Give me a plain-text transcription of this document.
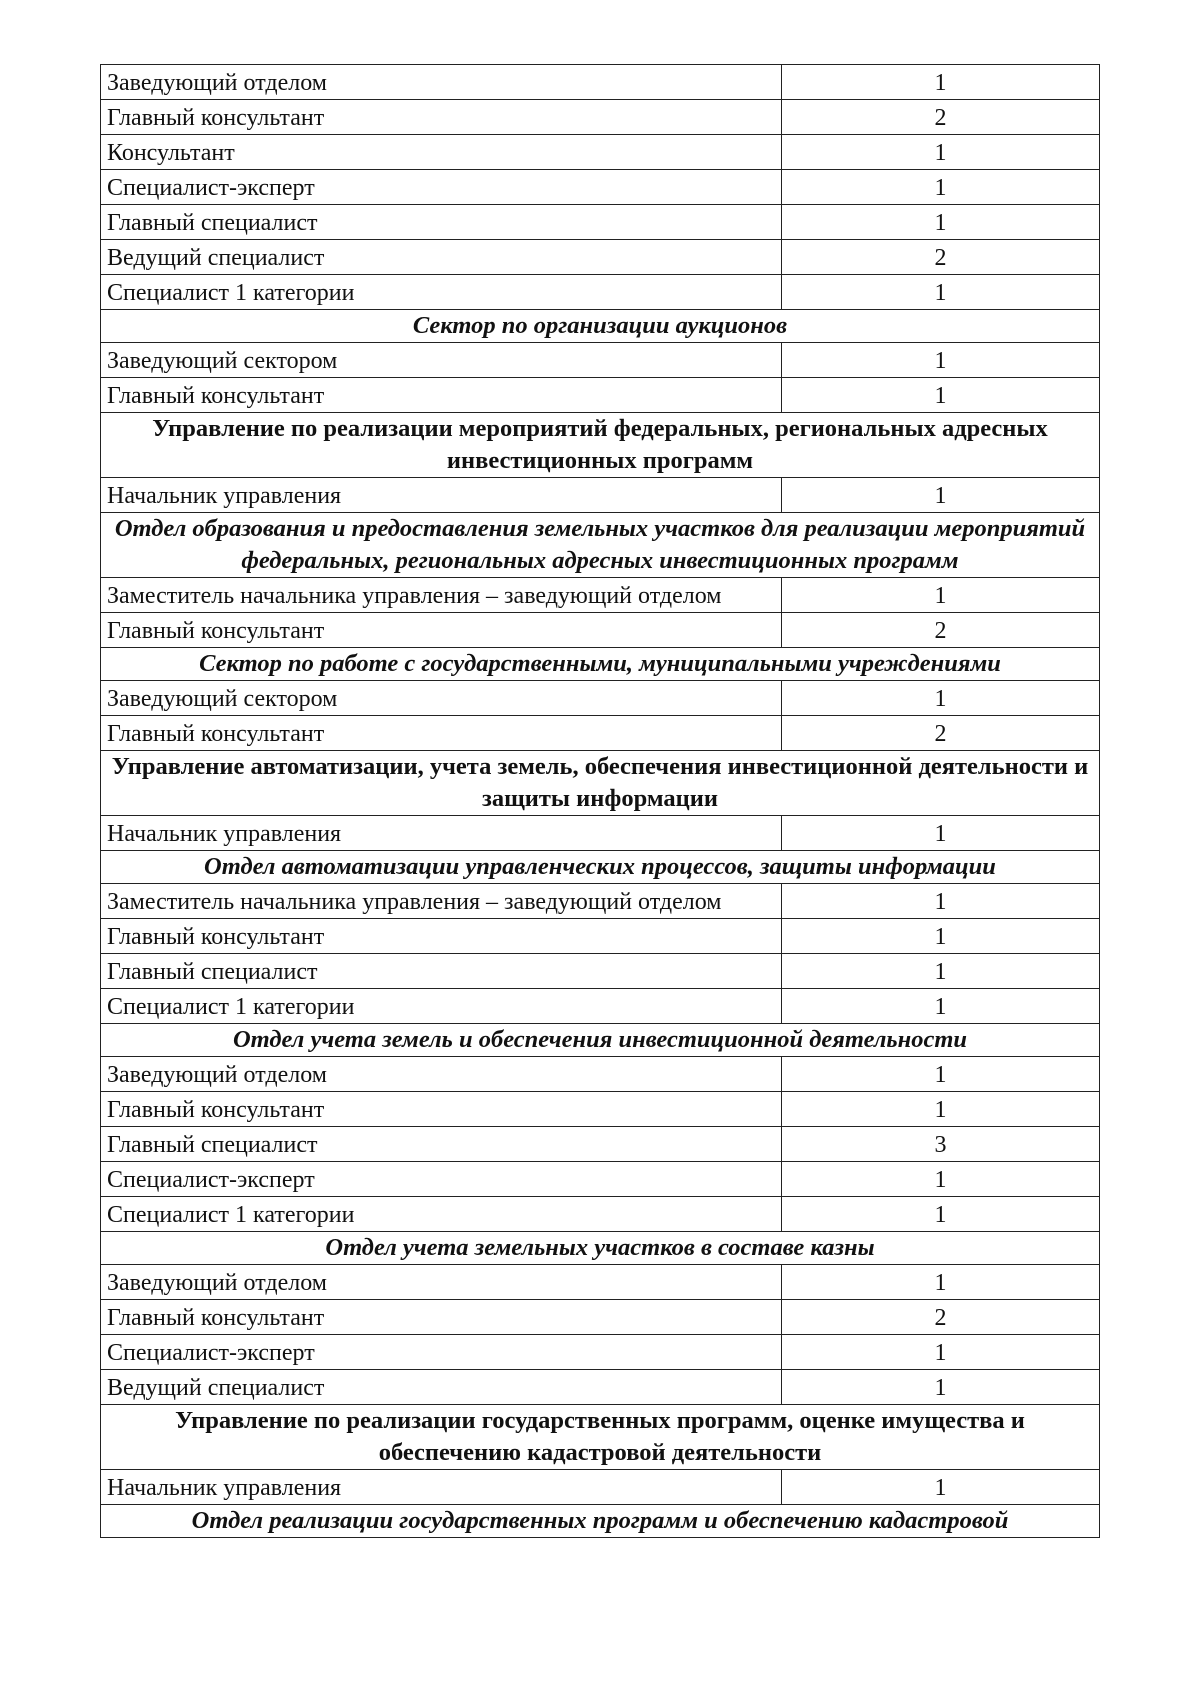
Заведующий отделом	1
Главный консультант	2
Консультант	1
Специалист-эксперт	1
Главный специалист	1
Ведущий специалист	2
Специалист 1 категории	1
Сектор по организации аукционов	
Заведующий сектором	1
Главный консультант	1
Управление по реализации мероприятий федеральных, региональных адресных инвестиционных программ	
Начальник управления	1
Отдел образования и предоставления земельных участков для реализации мероприятий федеральных, региональных адресных инвестиционных программ	
Заместитель начальника управления – заведующий отделом	1
Главный консультант	2
Сектор по работе с государственными, муниципальными учреждениями	
Заведующий сектором	1
Главный консультант	2
Управление автоматизации, учета земель, обеспечения инвестиционной деятельности и защиты информации	
Начальник управления	1
Отдел автоматизации управленческих процессов, защиты информации	
Заместитель начальника управления – заведующий отделом	1
Главный консультант	1
Главный специалист	1
Специалист 1 категории	1
Отдел учета земель и обеспечения инвестиционной деятельности	
Заведующий отделом	1
Главный консультант	1
Главный специалист	3
Специалист-эксперт	1
Специалист 1 категории	1
Отдел учета земельных участков в составе казны	
Заведующий отделом	1
Главный консультант	2
Специалист-эксперт	1
Ведущий специалист	1
Управление по реализации государственных программ, оценке имущества и обеспечению кадастровой деятельности	
Начальник управления	1
Отдел реализации государственных программ и обеспечению кадастровой	
